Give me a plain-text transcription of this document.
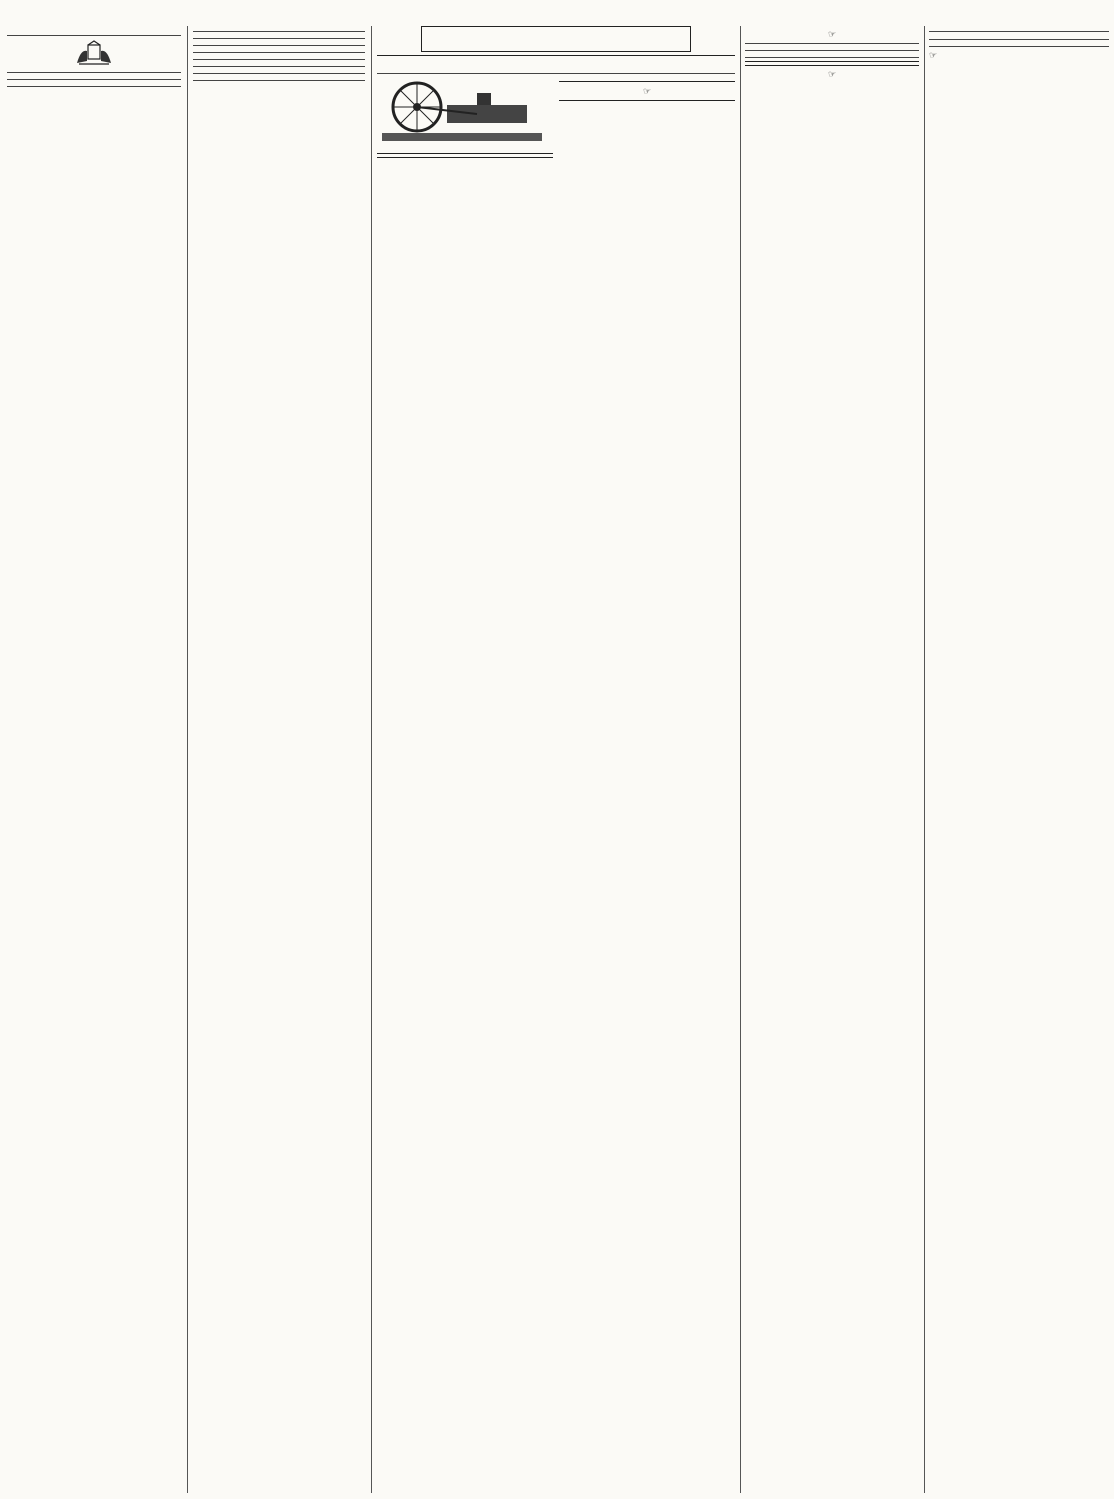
☞

☞

☞

☞
